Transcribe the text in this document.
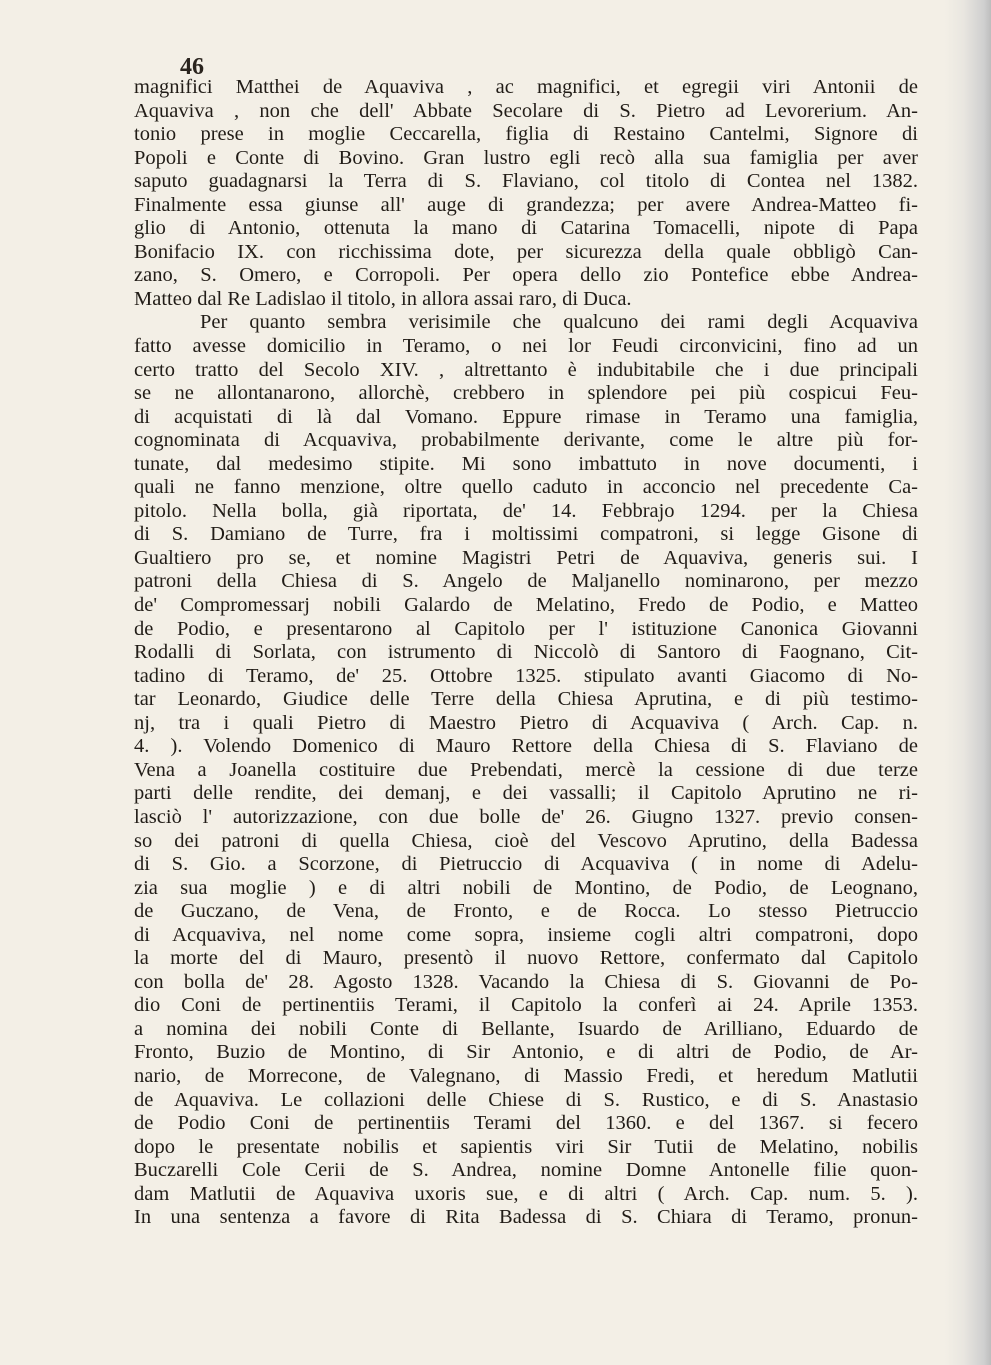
46
magnifici Matthei de Aquaviva , ac magnifici, et egregii viri Antonii de
Aquaviva , non che dell' Abbate Secolare di S. Pietro ad Levorerium. An-
tonio prese in moglie Ceccarella, figlia di Restaino Cantelmi, Signore di
Popoli e Conte di Bovino. Gran lustro egli recò alla sua famiglia per aver
saputo guadagnarsi la Terra di S. Flaviano, col titolo di Contea nel 1382.
Finalmente essa giunse all' auge di grandezza; per avere Andrea-Matteo fi-
glio di Antonio, ottenuta la mano di Catarina Tomacelli, nipote di Papa
Bonifacio IX. con ricchissima dote, per sicurezza della quale obbligò Can-
zano, S. Omero, e Corropoli. Per opera dello zio Pontefice ebbe Andrea-
Matteo dal Re Ladislao il titolo, in allora assai raro, di Duca.
Per quanto sembra verisimile che qualcuno dei rami degli Acquaviva
fatto avesse domicilio in Teramo, o nei lor Feudi circonvicini, fino ad un
certo tratto del Secolo XIV. , altrettanto è indubitabile che i due principali
se ne allontanarono, allorchè, crebbero in splendore pei più cospicui Feu-
di acquistati di là dal Vomano. Eppure rimase in Teramo una famiglia,
cognominata di Acquaviva, probabilmente derivante, come le altre più for-
tunate, dal medesimo stipite. Mi sono imbattuto in nove documenti, i
quali ne fanno menzione, oltre quello caduto in acconcio nel precedente Ca-
pitolo. Nella bolla, già riportata, de' 14. Febbrajo 1294. per la Chiesa
di S. Damiano de Turre, fra i moltissimi compatroni, si legge Gisone di
Gualtiero pro se, et nomine Magistri Petri de Aquaviva, generis sui. I
patroni della Chiesa di S. Angelo de Maljanello nominarono, per mezzo
de' Compromessarj nobili Galardo de Melatino, Fredo de Podio, e Matteo
de Podio, e presentarono al Capitolo per l' istituzione Canonica Giovanni
Rodalli di Sorlata, con istrumento di Niccolò di Santoro di Faognano, Cit-
tadino di Teramo, de' 25. Ottobre 1325. stipulato avanti Giacomo di No-
tar Leonardo, Giudice delle Terre della Chiesa Aprutina, e di più testimo-
nj, tra i quali Pietro di Maestro Pietro di Acquaviva ( Arch. Cap. n.
4. ). Volendo Domenico di Mauro Rettore della Chiesa di S. Flaviano de
Vena a Joanella costituire due Prebendati, mercè la cessione di due terze
parti delle rendite, dei demanj, e dei vassalli; il Capitolo Aprutino ne ri-
lasciò l' autorizzazione, con due bolle de' 26. Giugno 1327. previo consen-
so dei patroni di quella Chiesa, cioè del Vescovo Aprutino, della Badessa
di S. Gio. a Scorzone, di Pietruccio di Acquaviva ( in nome di Adelu-
zia sua moglie ) e di altri nobili de Montino, de Podio, de Leognano,
de Guczano, de Vena, de Fronto, e de Rocca. Lo stesso Pietruccio
di Acquaviva, nel nome come sopra, insieme cogli altri compatroni, dopo
la morte del di Mauro, presentò il nuovo Rettore, confermato dal Capitolo
con bolla de' 28. Agosto 1328. Vacando la Chiesa di S. Giovanni de Po-
dio Coni de pertinentiis Terami, il Capitolo la conferì ai 24. Aprile 1353.
a nomina dei nobili Conte di Bellante, Isuardo de Arilliano, Eduardo de
Fronto, Buzio de Montino, di Sir Antonio, e di altri de Podio, de Ar-
nario, de Morrecone, de Valegnano, di Massio Fredi, et heredum Matlutii
de Aquaviva. Le collazioni delle Chiese di S. Rustico, e di S. Anastasio
de Podio Coni de pertinentiis Terami del 1360. e del 1367. si fecero
dopo le presentate nobilis et sapientis viri Sir Tutii de Melatino, nobilis
Buczarelli Cole Cerii de S. Andrea, nomine Domne Antonelle filie quon-
dam Matlutii de Aquaviva uxoris sue, e di altri ( Arch. Cap. num. 5. ).
In una sentenza a favore di Rita Badessa di S. Chiara di Teramo, pronun-
